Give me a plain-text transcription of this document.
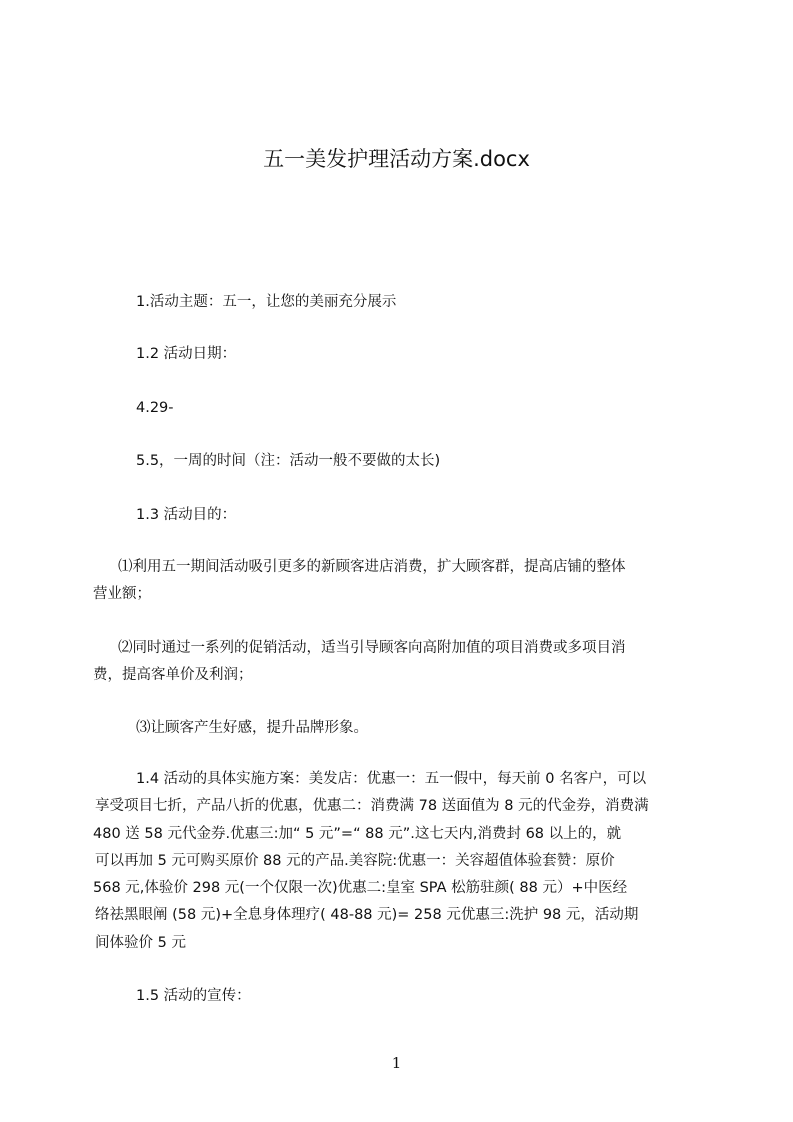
五一美发护理活动方案.docx
1.活动主题：五一，让您的美丽充分展示
1.2 活动日期：
4.29-
5.5，一周的时间（注：活动一般不要做的太长)
1.3 活动目的：
⑴利用五一期间活动吸引更多的新顾客进店消费，扩大顾客群，提高店铺的整体
营业额；
⑵同时通过一系列的促销活动，适当引导顾客向高附加值的项目消费或多项目消
费，提高客单价及利润；
⑶让顾客产生好感，提升品牌形象。
1.4 活动的具体实施方案：美发店：优惠一：五一假中，每天前 0 名客户，可以
享受项目七折，产品八折的优惠，优惠二：消费满 78 送面值为 8 元的代金券，消费满
480 送 58 元代金券.优惠三:加“ 5 元”=“ 88 元”.这七天内,消费封 68 以上的，就
可以再加 5 元可购买原价 88 元的产品.美容院:优惠一：关容超值体验套赞：原价
568 元,体验价 298 元(一个仅限一次)优惠二:皇室 SPA 松筋驻颜( 88 元）+中医经
络祛黑眼阐 (58 元)+全息身体理疗( 48-88 元)= 258 元优惠三:洗护 98 元，活动期
间体验价 5 元
1.5 活动的宣传：
1
